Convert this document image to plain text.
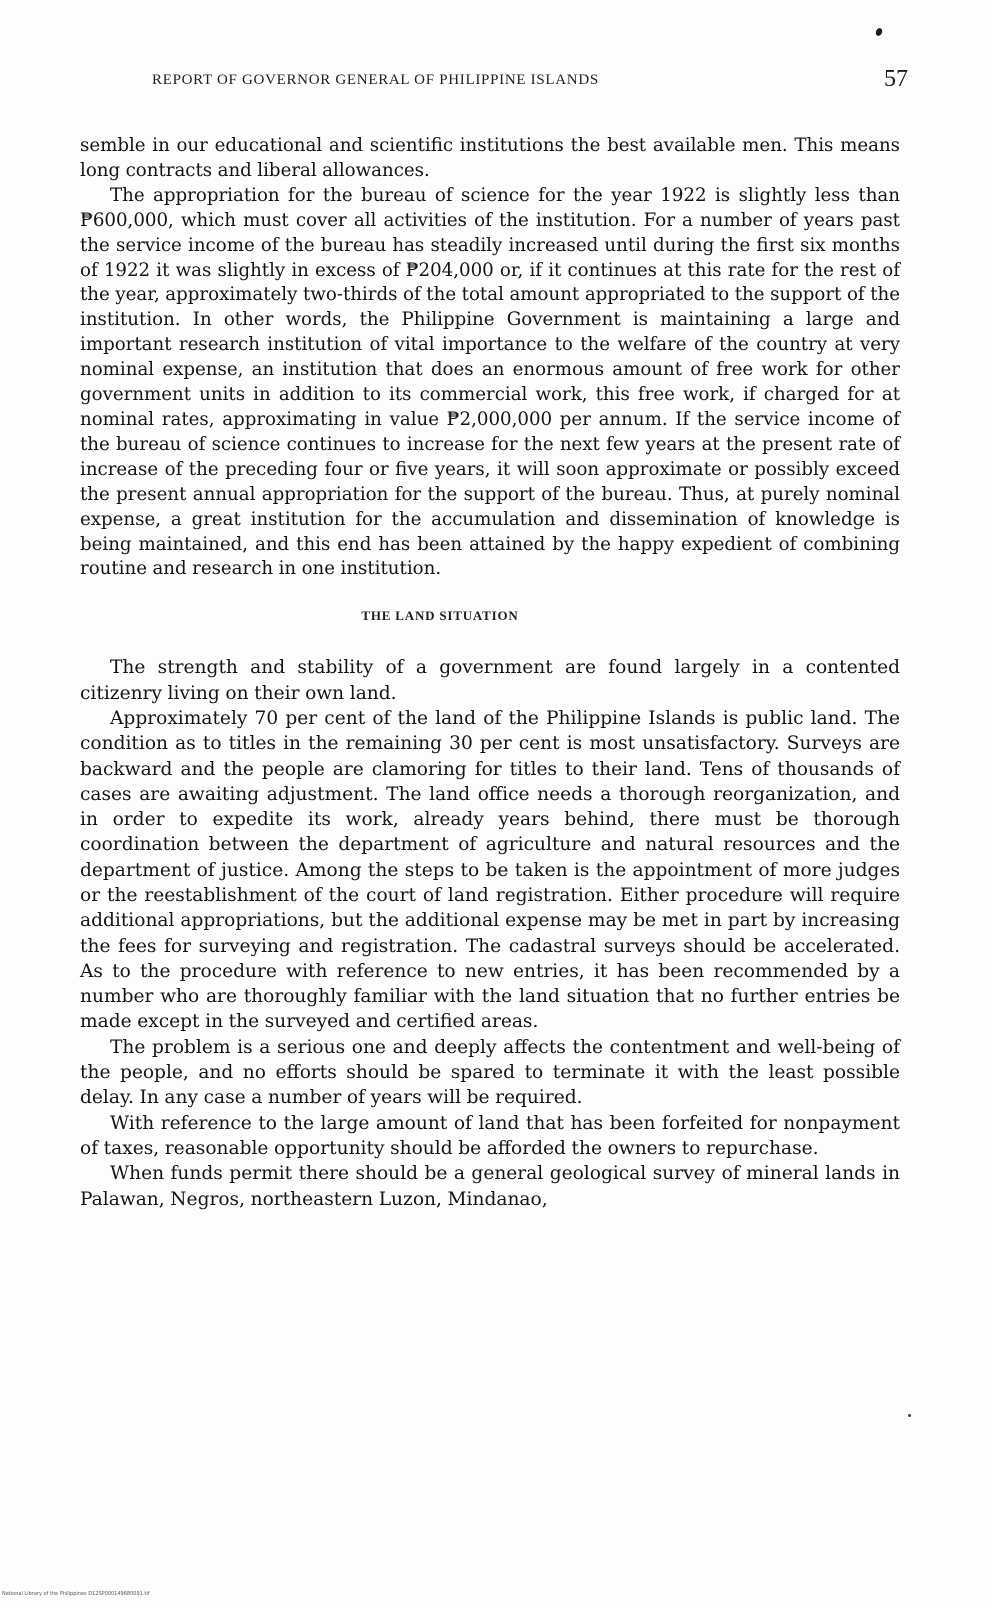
REPORT OF GOVERNOR GENERAL OF PHILIPPINE ISLANDS	57

semble in our educational and scientific institutions the best available men. This means long contracts and liberal allowances.

The appropriation for the bureau of science for the year 1922 is slightly less than ₱600,000, which must cover all activities of the institution. For a number of years past the service income of the bureau has steadily increased until during the first six months of 1922 it was slightly in excess of ₱204,000 or, if it continues at this rate for the rest of the year, approximately two-thirds of the total amount appropriated to the support of the institution. In other words, the Philippine Government is maintaining a large and important research institution of vital importance to the welfare of the country at very nominal expense, an institution that does an enormous amount of free work for other government units in addition to its commercial work, this free work, if charged for at nominal rates, approximating in value ₱2,000,000 per annum. If the service income of the bureau of science continues to increase for the next few years at the present rate of increase of the preceding four or five years, it will soon approximate or possibly exceed the present annual appropriation for the support of the bureau. Thus, at purely nominal expense, a great institution for the accumulation and dissemination of knowledge is being maintained, and this end has been attained by the happy expedient of combining routine and research in one institution.

THE LAND SITUATION

The strength and stability of a government are found largely in a contented citizenry living on their own land.

Approximately 70 per cent of the land of the Philippine Islands is public land. The condition as to titles in the remaining 30 per cent is most unsatisfactory. Surveys are backward and the people are clamoring for titles to their land. Tens of thousands of cases are awaiting adjustment. The land office needs a thorough reorganization, and in order to expedite its work, already years behind, there must be thorough coordination between the department of agriculture and natural resources and the department of justice. Among the steps to be taken is the appointment of more judges or the reestablishment of the court of land registration. Either procedure will require additional appropriations, but the additional expense may be met in part by increasing the fees for surveying and registration. The cadastral surveys should be accelerated. As to the procedure with reference to new entries, it has been recommended by a number who are thoroughly familiar with the land situation that no further entries be made except in the surveyed and certified areas.

The problem is a serious one and deeply affects the contentment and well-being of the people, and no efforts should be spared to terminate it with the least possible delay. In any case a number of years will be required.

With reference to the large amount of land that has been forfeited for nonpayment of taxes, reasonable opportunity should be afforded the owners to repurchase.

When funds permit there should be a general geological survey of mineral lands in Palawan, Negros, northeastern Luzon, Mindanao,

National Library of the Philippines D12SP000149680091.tif
